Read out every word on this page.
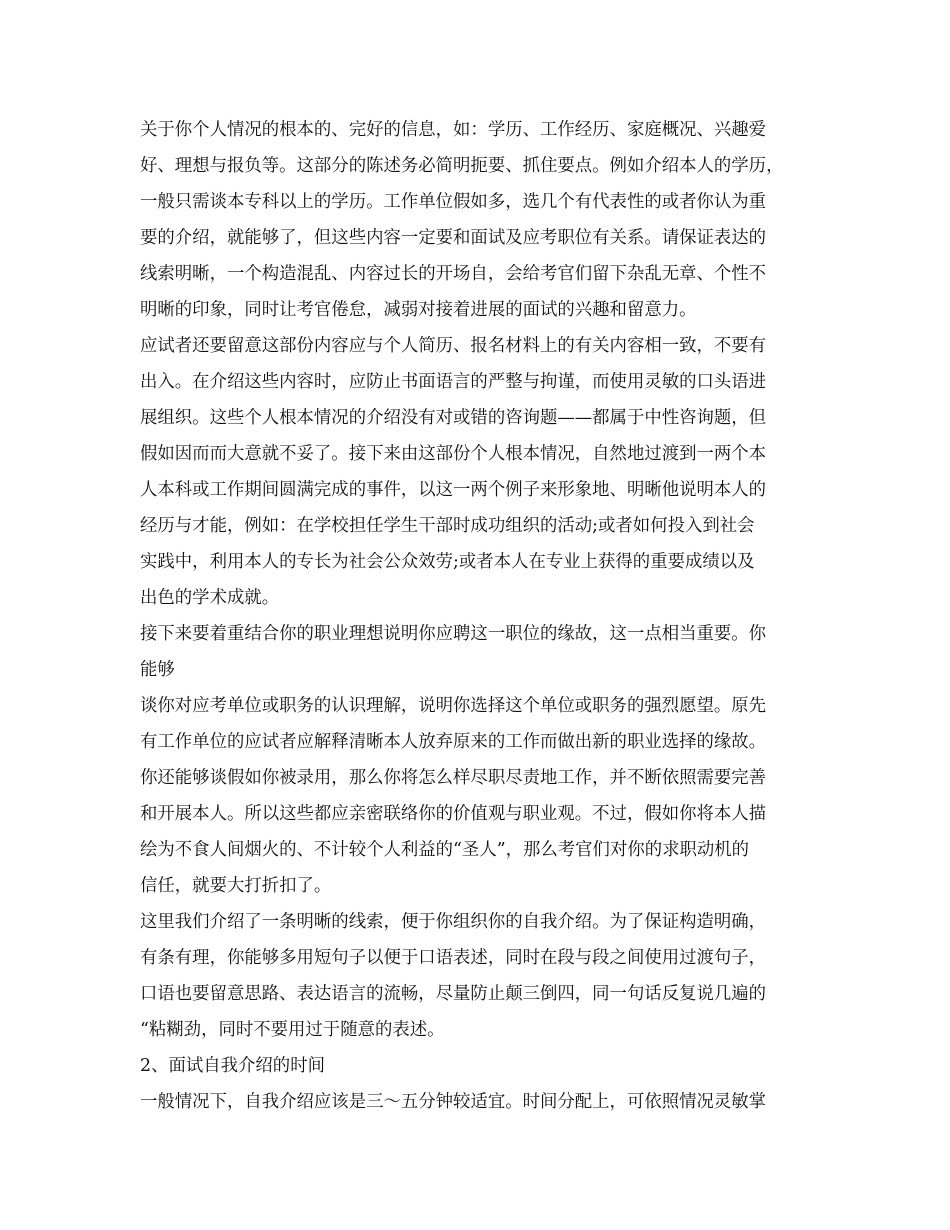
关于你个人情况的根本的、完好的信息，如：学历、工作经历、家庭概况、兴趣爱
好、理想与报负等。这部分的陈述务必简明扼要、抓住要点。例如介绍本人的学历，
一般只需谈本专科以上的学历。工作单位假如多，选几个有代表性的或者你认为重
要的介绍，就能够了，但这些内容一定要和面试及应考职位有关系。请保证表达的
线索明晰，一个构造混乱、内容过长的开场自，会给考官们留下杂乱无章、个性不
明晰的印象，同时让考官倦怠，减弱对接着进展的面试的兴趣和留意力。
应试者还要留意这部份内容应与个人简历、报名材料上的有关内容相一致，不要有
出入。在介绍这些内容时，应防止书面语言的严整与拘谨，而使用灵敏的口头语进
展组织。这些个人根本情况的介绍没有对或错的咨询题——都属于中性咨询题，但
假如因而而大意就不妥了。接下来由这部份个人根本情况，自然地过渡到一两个本
人本科或工作期间圆满完成的事件，以这一两个例子来形象地、明晰他说明本人的
经历与才能，例如：在学校担任学生干部时成功组织的活动;或者如何投入到社会
实践中，利用本人的专长为社会公众效劳;或者本人在专业上获得的重要成绩以及
出色的学术成就。
接下来要着重结合你的职业理想说明你应聘这一职位的缘故，这一点相当重要。你
能够
谈你对应考单位或职务的认识理解，说明你选择这个单位或职务的强烈愿望。原先
有工作单位的应试者应解释清晰本人放弃原来的工作而做出新的职业选择的缘故。
你还能够谈假如你被录用，那么你将怎么样尽职尽责地工作，并不断依照需要完善
和开展本人。所以这些都应亲密联络你的价值观与职业观。不过，假如你将本人描
绘为不食人间烟火的、不计较个人利益的“圣人”，那么考官们对你的求职动机的
信任，就要大打折扣了。
这里我们介绍了一条明晰的线索，便于你组织你的自我介绍。为了保证构造明确，
有条有理，你能够多用短句子以便于口语表述，同时在段与段之间使用过渡句子，
口语也要留意思路、表达语言的流畅，尽量防止颠三倒四，同一句话反复说几遍的
“粘糊劲，同时不要用过于随意的表述。
2、面试自我介绍的时间
一般情况下，自我介绍应该是三～五分钟较适宜。时间分配上，可依照情况灵敏掌
